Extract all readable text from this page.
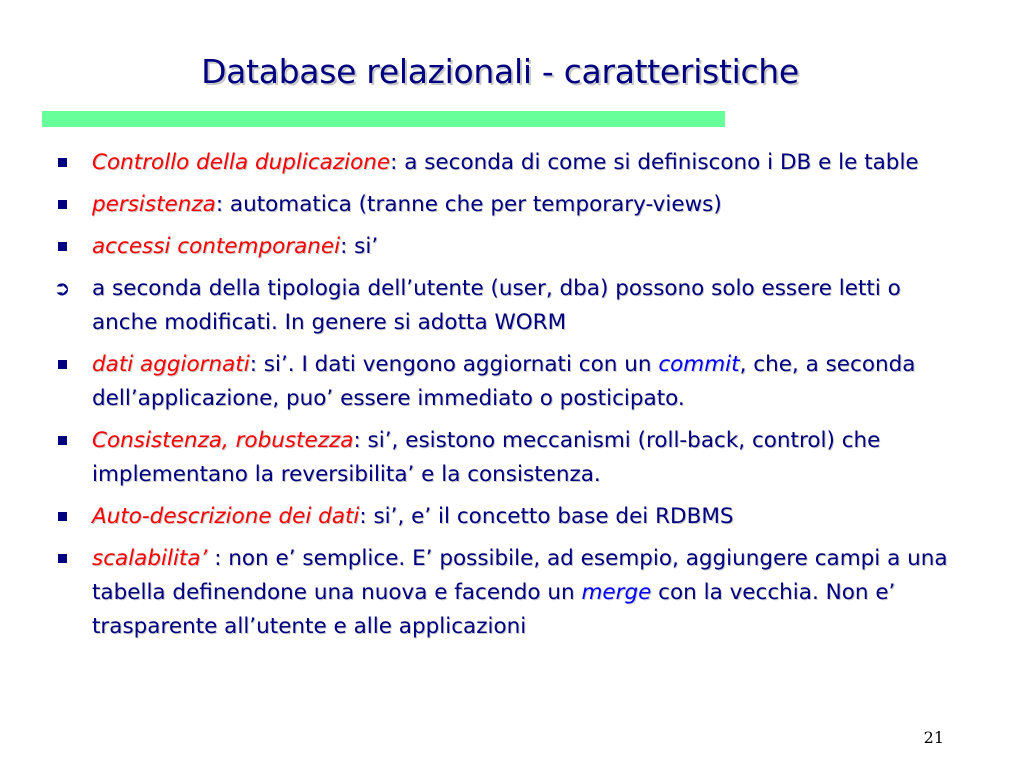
Database relazionali - caratteristiche
Controllo della duplicazione: a seconda di come si definiscono i DB e le table
persistenza: automatica (tranne che per temporary-views)
accessi contemporanei: si’
➲ a seconda della tipologia dell’utente (user, dba) possono solo essere letti o anche modificati. In genere si adotta WORM
dati aggiornati: si’. I dati vengono aggiornati con un commit, che, a seconda dell’applicazione, puo’ essere immediato o posticipato.
Consistenza, robustezza: si’, esistono meccanismi (roll-back, control) che implementano la reversibilita’ e la consistenza.
Auto-descrizione dei dati: si’, e’ il concetto base dei RDBMS
scalabilita’ : non e’ semplice. E’ possibile, ad esempio, aggiungere campi a una tabella definendone una nuova e facendo un merge con la vecchia. Non e’ trasparente all’utente e alle applicazioni
21
